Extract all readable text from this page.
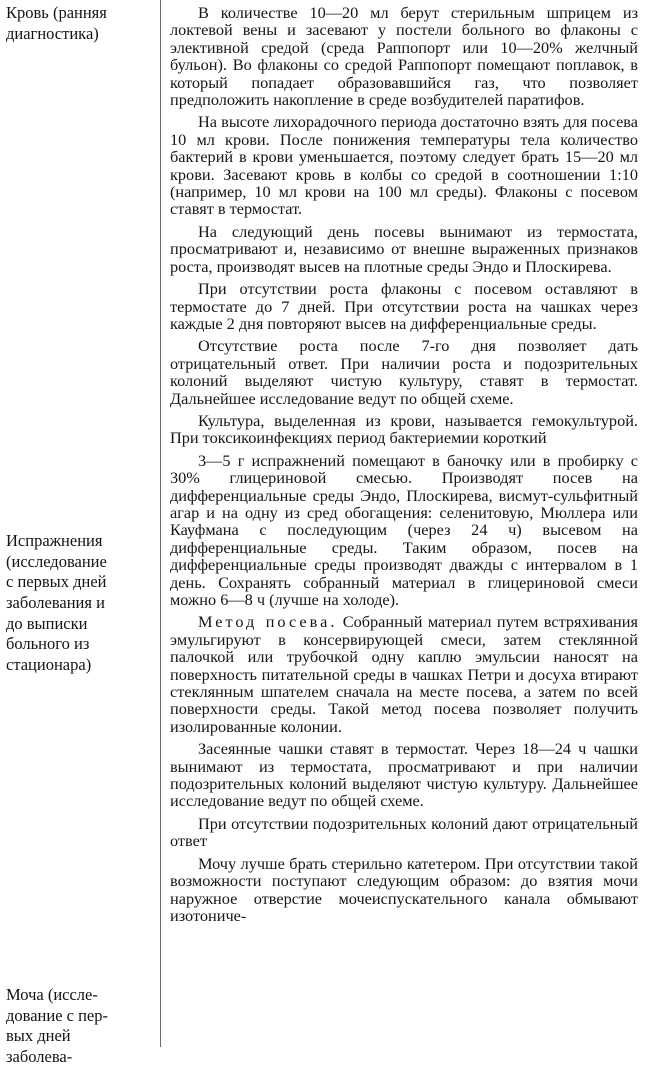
Кровь (ранняя
диагностика)
Испражнения
(исследование
с первых дней
заболевания и
до выписки
больного из
стационара)
Моча (иссле-
дование с пер-
вых дней
заболева-

В количестве 10—20 мл берут стерильным шприцем из локтевой вены и засевают у постели больного во флаконы с элективной средой (среда Раппопорт или 10—20% желчный бульон). Во флаконы со средой Раппопорт помещают поплавок, в который попадает образовавшийся газ, что позволяет предположить накопление в среде возбудителей паратифов.

На высоте лихорадочного периода достаточно взять для посева 10 мл крови. После понижения температуры тела количество бактерий в крови уменьшается, поэтому следует брать 15—20 мл крови. Засевают кровь в колбы со средой в соотношении 1:10 (например, 10 мл крови на 100 мл среды). Флаконы с посевом ставят в термостат.

На следующий день посевы вынимают из термостата, просматривают и, независимо от внешне выраженных признаков роста, производят высев на плотные среды Эндо и Плоскирева.

При отсутствии роста флаконы с посевом оставляют в термостате до 7 дней. При отсутствии роста на чашках через каждые 2 дня повторяют высев на дифференциальные среды.

Отсутствие роста после 7-го дня позволяет дать отрицательный ответ. При наличии роста и подозрительных колоний выделяют чистую культуру, ставят в термостат. Дальнейшее исследование ведут по общей схеме.

Культура, выделенная из крови, называется гемокультурой. При токсикоинфекциях период бактериемии короткий

3—5 г испражнений помещают в баночку или в пробирку с 30% глицериновой смесью. Производят посев на дифференциальные среды Эндо, Плоскирева, висмут-сульфитный агар и на одну из сред обогащения: селенитовую, Мюллера или Кауфмана с последующим (через 24 ч) высевом на дифференциальные среды. Таким образом, посев на дифференциальные среды производят дважды с интервалом в 1 день. Сохранять собранный материал в глицериновой смеси можно 6—8 ч (лучше на холоде).

Метод посева. Собранный материал путем встряхивания эмульгируют в консервирующей смеси, затем стеклянной палочкой или трубочкой одну каплю эмульсии наносят на поверхность питательной среды в чашках Петри и досуха втирают стеклянным шпателем сначала на месте посева, а затем по всей поверхности среды. Такой метод посева позволяет получить изолированные колонии.

Засеянные чашки ставят в термостат. Через 18—24 ч чашки вынимают из термостата, просматривают и при наличии подозрительных колоний выделяют чистую культуру. Дальнейшее исследование ведут по общей схеме.

При отсутствии подозрительных колоний дают отрицательный ответ

Мочу лучше брать стерильно катетером. При отсутствии такой возможности поступают следующим образом: до взятия мочи наружное отверстие мочеиспускательного канала обмывают изотониче-
